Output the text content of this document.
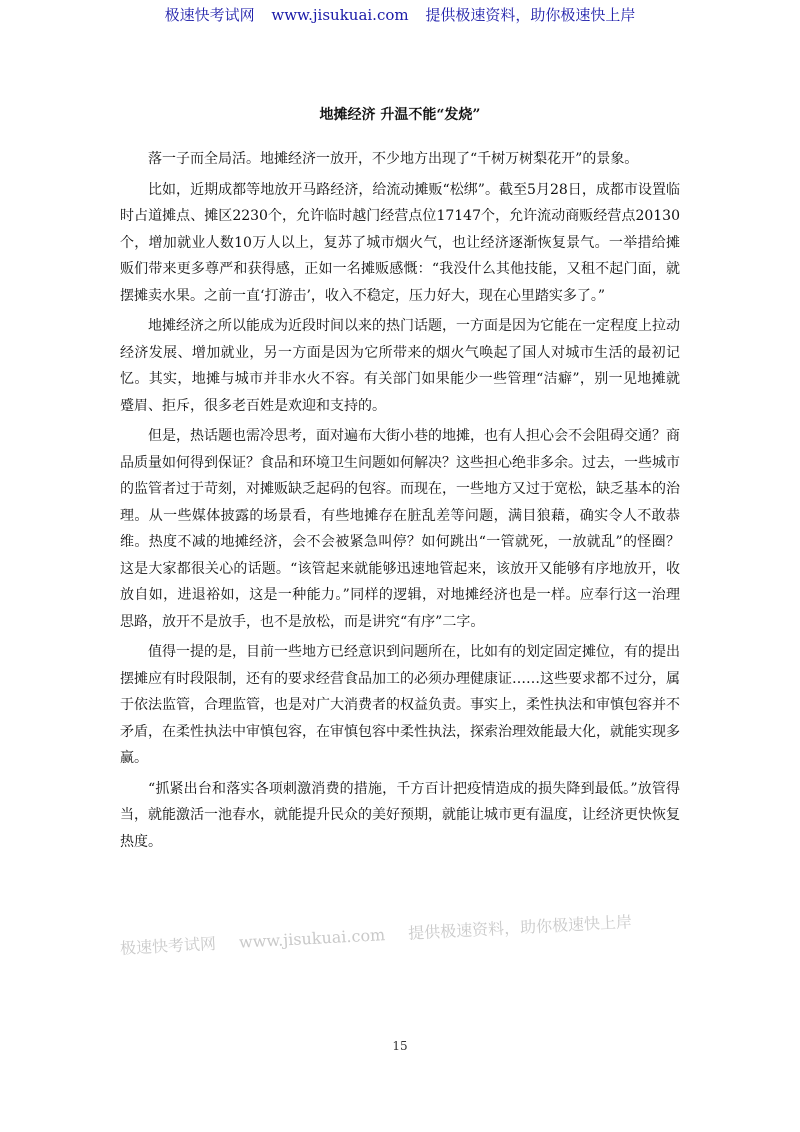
极速快考试网 www.jisukuai.com 提供极速资料，助你极速快上岸
地摊经济 升温不能“发烧”

落一子而全局活。地摊经济一放开，不少地方出现了“千树万树梨花开”的景象。

比如，近期成都等地放开马路经济，给流动摊贩“松绑”。截至5月28日，成都市设置临时占道摊点、摊区2230个，允许临时越门经营点位17147个，允许流动商贩经营点20130个，增加就业人数10万人以上，复苏了城市烟火气，也让经济逐渐恢复景气。一举措给摊贩们带来更多尊严和获得感，正如一名摊贩感慨：“我没什么其他技能，又租不起门面，就摆摊卖水果。之前一直‘打游击’，收入不稳定，压力好大，现在心里踏实多了。”

地摊经济之所以能成为近段时间以来的热门话题，一方面是因为它能在一定程度上拉动经济发展、增加就业，另一方面是因为它所带来的烟火气唤起了国人对城市生活的最初记忆。其实，地摊与城市并非水火不容。有关部门如果能少一些管理“洁癖”，别一见地摊就蹙眉、拒斥，很多老百姓是欢迎和支持的。

但是，热话题也需冷思考，面对遍布大街小巷的地摊，也有人担心会不会阻碍交通？商品质量如何得到保证？食品和环境卫生问题如何解决？这些担心绝非多余。过去，一些城市的监管者过于苛刻，对摊贩缺乏起码的包容。而现在，一些地方又过于宽松，缺乏基本的治理。从一些媒体披露的场景看，有些地摊存在脏乱差等问题，满目狼藉，确实令人不敢恭维。热度不减的地摊经济，会不会被紧急叫停？如何跳出“一管就死，一放就乱”的怪圈？这是大家都很关心的话题。“该管起来就能够迅速地管起来，该放开又能够有序地放开，收放自如，进退裕如，这是一种能力。”同样的逻辑，对地摊经济也是一样。应奉行这一治理思路，放开不是放手，也不是放松，而是讲究“有序”二字。

值得一提的是，目前一些地方已经意识到问题所在，比如有的划定固定摊位，有的提出摆摊应有时段限制，还有的要求经营食品加工的必须办理健康证……这些要求都不过分，属于依法监管，合理监管，也是对广大消费者的权益负责。事实上，柔性执法和审慎包容并不矛盾，在柔性执法中审慎包容，在审慎包容中柔性执法，探索治理效能最大化，就能实现多赢。

“抓紧出台和落实各项刺激消费的措施，千方百计把疫情造成的损失降到最低。”放管得当，就能激活一池春水，就能提升民众的美好预期，就能让城市更有温度，让经济更快恢复热度。

极速快考试网 www.jisukuai.com 提供极速资料，助你极速快上岸
15
